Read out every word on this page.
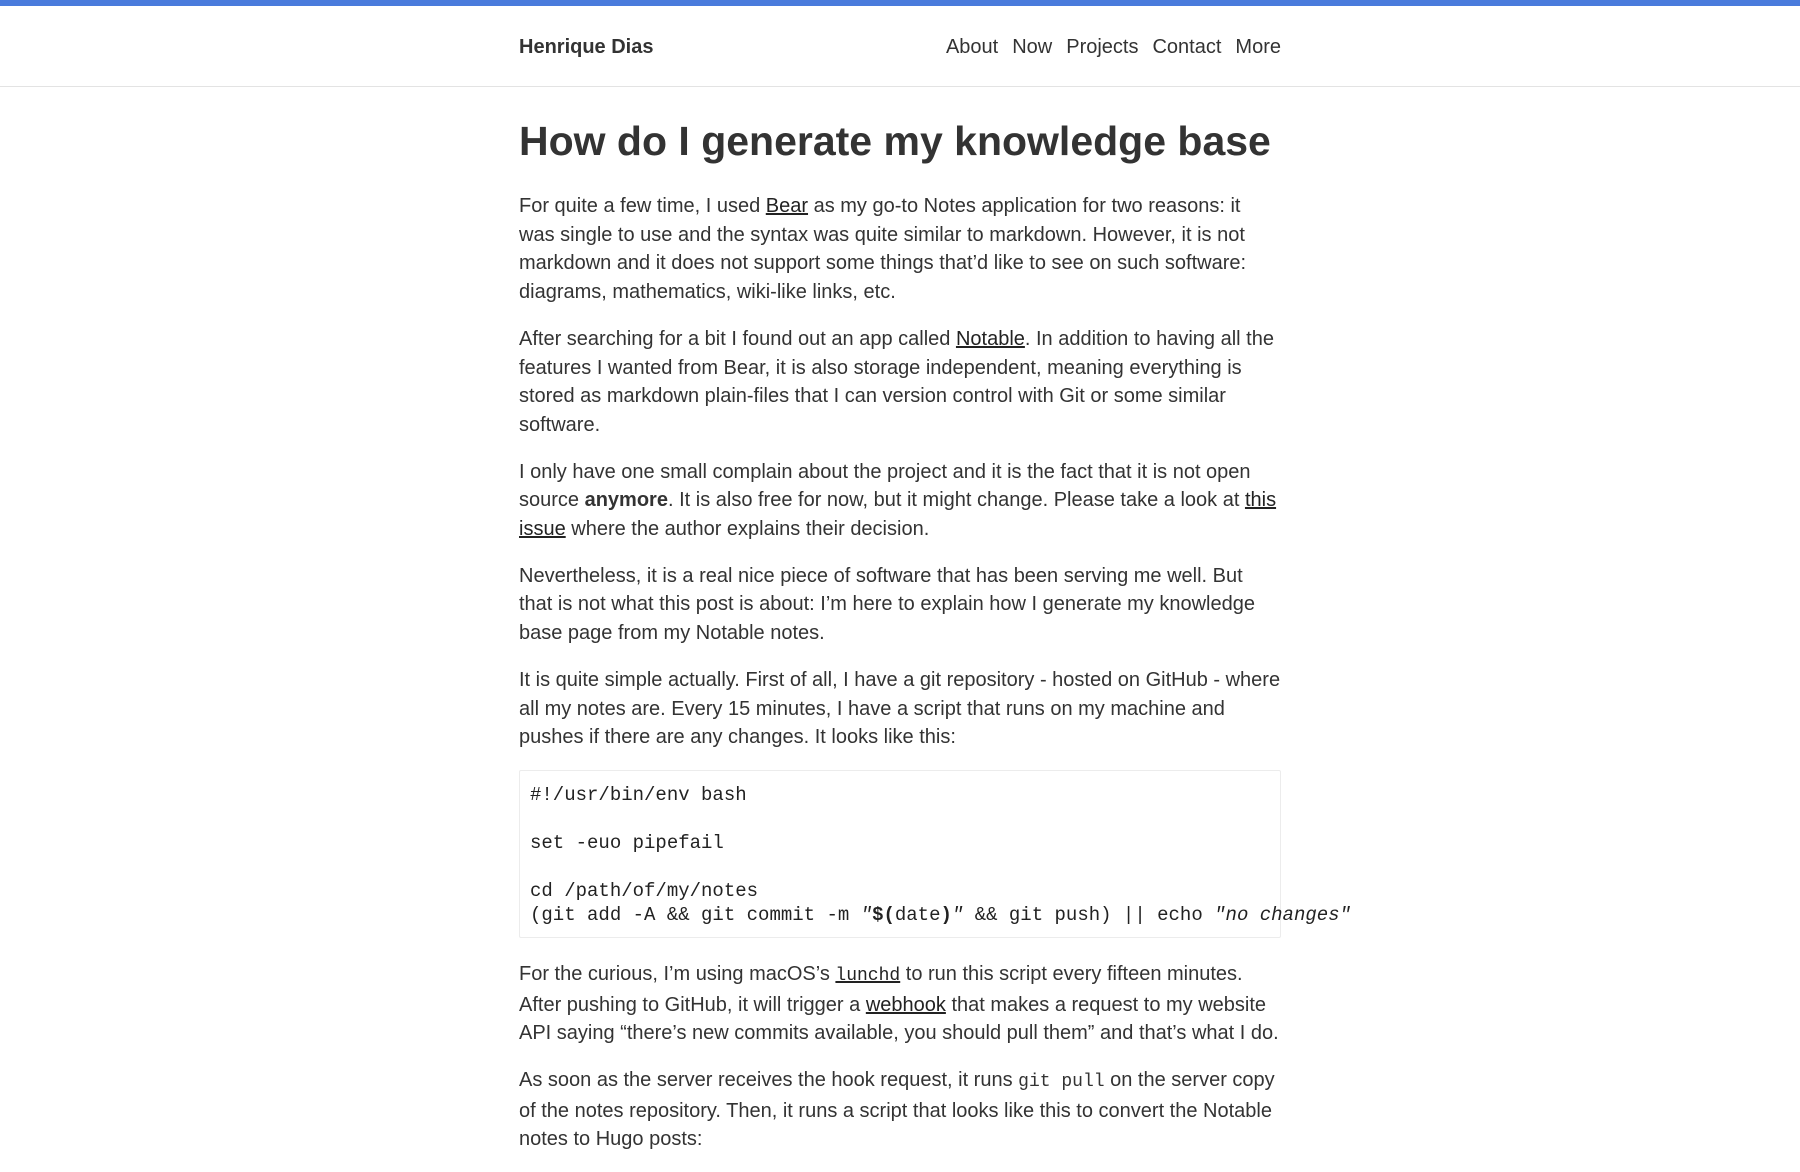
Henrique Dias	About Now Projects Contact More
How do I generate my knowledge base

For quite a few time, I used Bear as my go-to Notes application for two reasons: it was single to use and the syntax was quite similar to markdown. However, it is not markdown and it does not support some things that’d like to see on such software: diagrams, mathematics, wiki-like links, etc.

After searching for a bit I found out an app called Notable. In addition to having all the features I wanted from Bear, it is also storage independent, meaning everything is stored as markdown plain-files that I can version control with Git or some similar software.

I only have one small complain about the project and it is the fact that it is not open source anymore. It is also free for now, but it might change. Please take a look at this issue where the author explains their decision.

Nevertheless, it is a real nice piece of software that has been serving me well. But that is not what this post is about: I’m here to explain how I generate my knowledge base page from my Notable notes.

It is quite simple actually. First of all, I have a git repository - hosted on GitHub - where all my notes are. Every 15 minutes, I have a script that runs on my machine and pushes if there are any changes. It looks like this:

#!/usr/bin/env bash
set -euo pipefail
cd /path/of/my/notes
(git add -A && git commit -m "$(date)" && git push) || echo "no changes"

For the curious, I’m using macOS’s lunchd to run this script every fifteen minutes. After pushing to GitHub, it will trigger a webhook that makes a request to my website API saying “there’s new commits available, you should pull them” and that’s what I do.

As soon as the server receives the hook request, it runs git pull on the server copy of the notes repository. Then, it runs a script that looks like this to convert the Notable notes to Hugo posts:
